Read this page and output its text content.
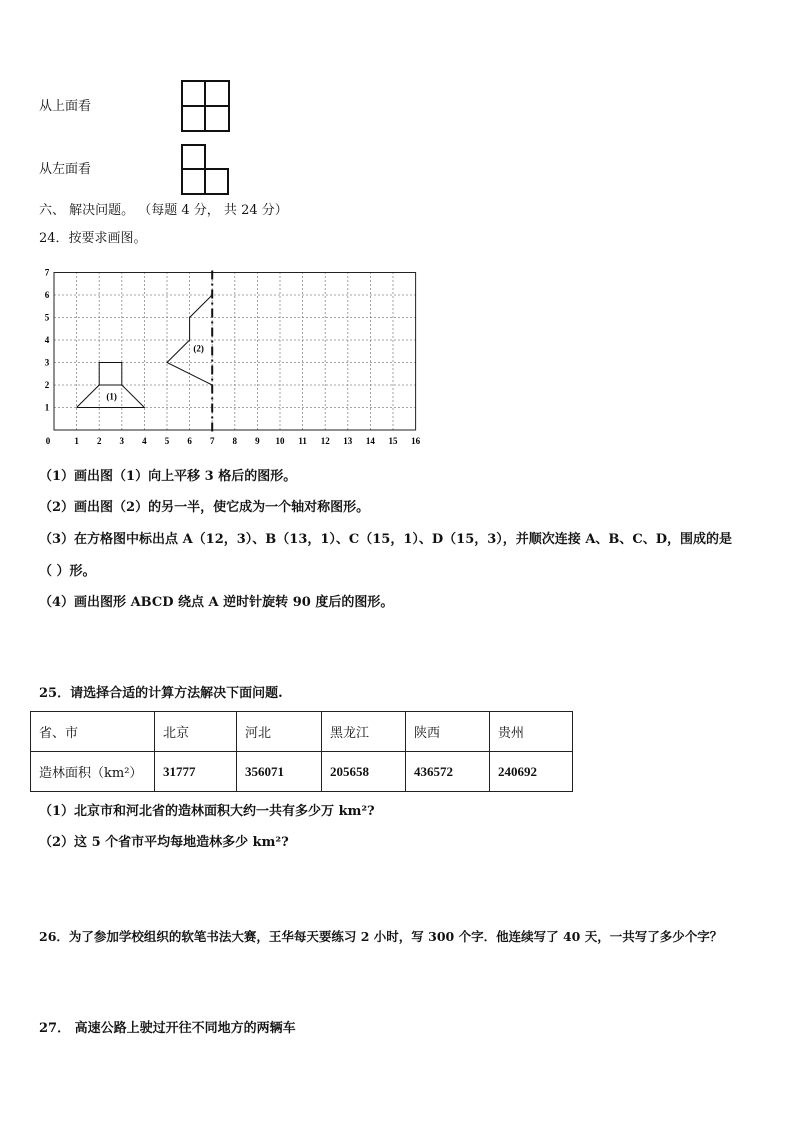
从上面看
从左面看
六、 解决问题。 （每题 4 分， 共 24 分）
24．按要求画图。
(1)
(2)
0	1 2 3 4 5 6 7 8 9 10 11 12 13 14 15 16
1
2
3
4
5
6
7
（1）画出图（1）向上平移 3 格后的图形。
（2）画出图（2）的另一半，使它成为一个轴对称图形。
（3）在方格图中标出点 A（12，3）、B（13，1）、C（15，1）、D（15，3），并顺次连接 A、B、C、D，围成的是
（ ）形。
（4）画出图形 ABCD 绕点 A 逆时针旋转 90 度后的图形。
25．请选择合适的计算方法解决下面问题.
省、市	北京	河北	黑龙江	陕西	贵州
造林面积（km²）	31777	356071	205658	436572	240692
（1）北京市和河北省的造林面积大约一共有多少万 km²?
（2）这 5 个省市平均每地造林多少 km²?
26．为了参加学校组织的软笔书法大赛，王华每天要练习 2 小时，写 300 个字．他连续写了 40 天，一共写了多少个字？
27． 高速公路上驶过开往不同地方的两辆车
